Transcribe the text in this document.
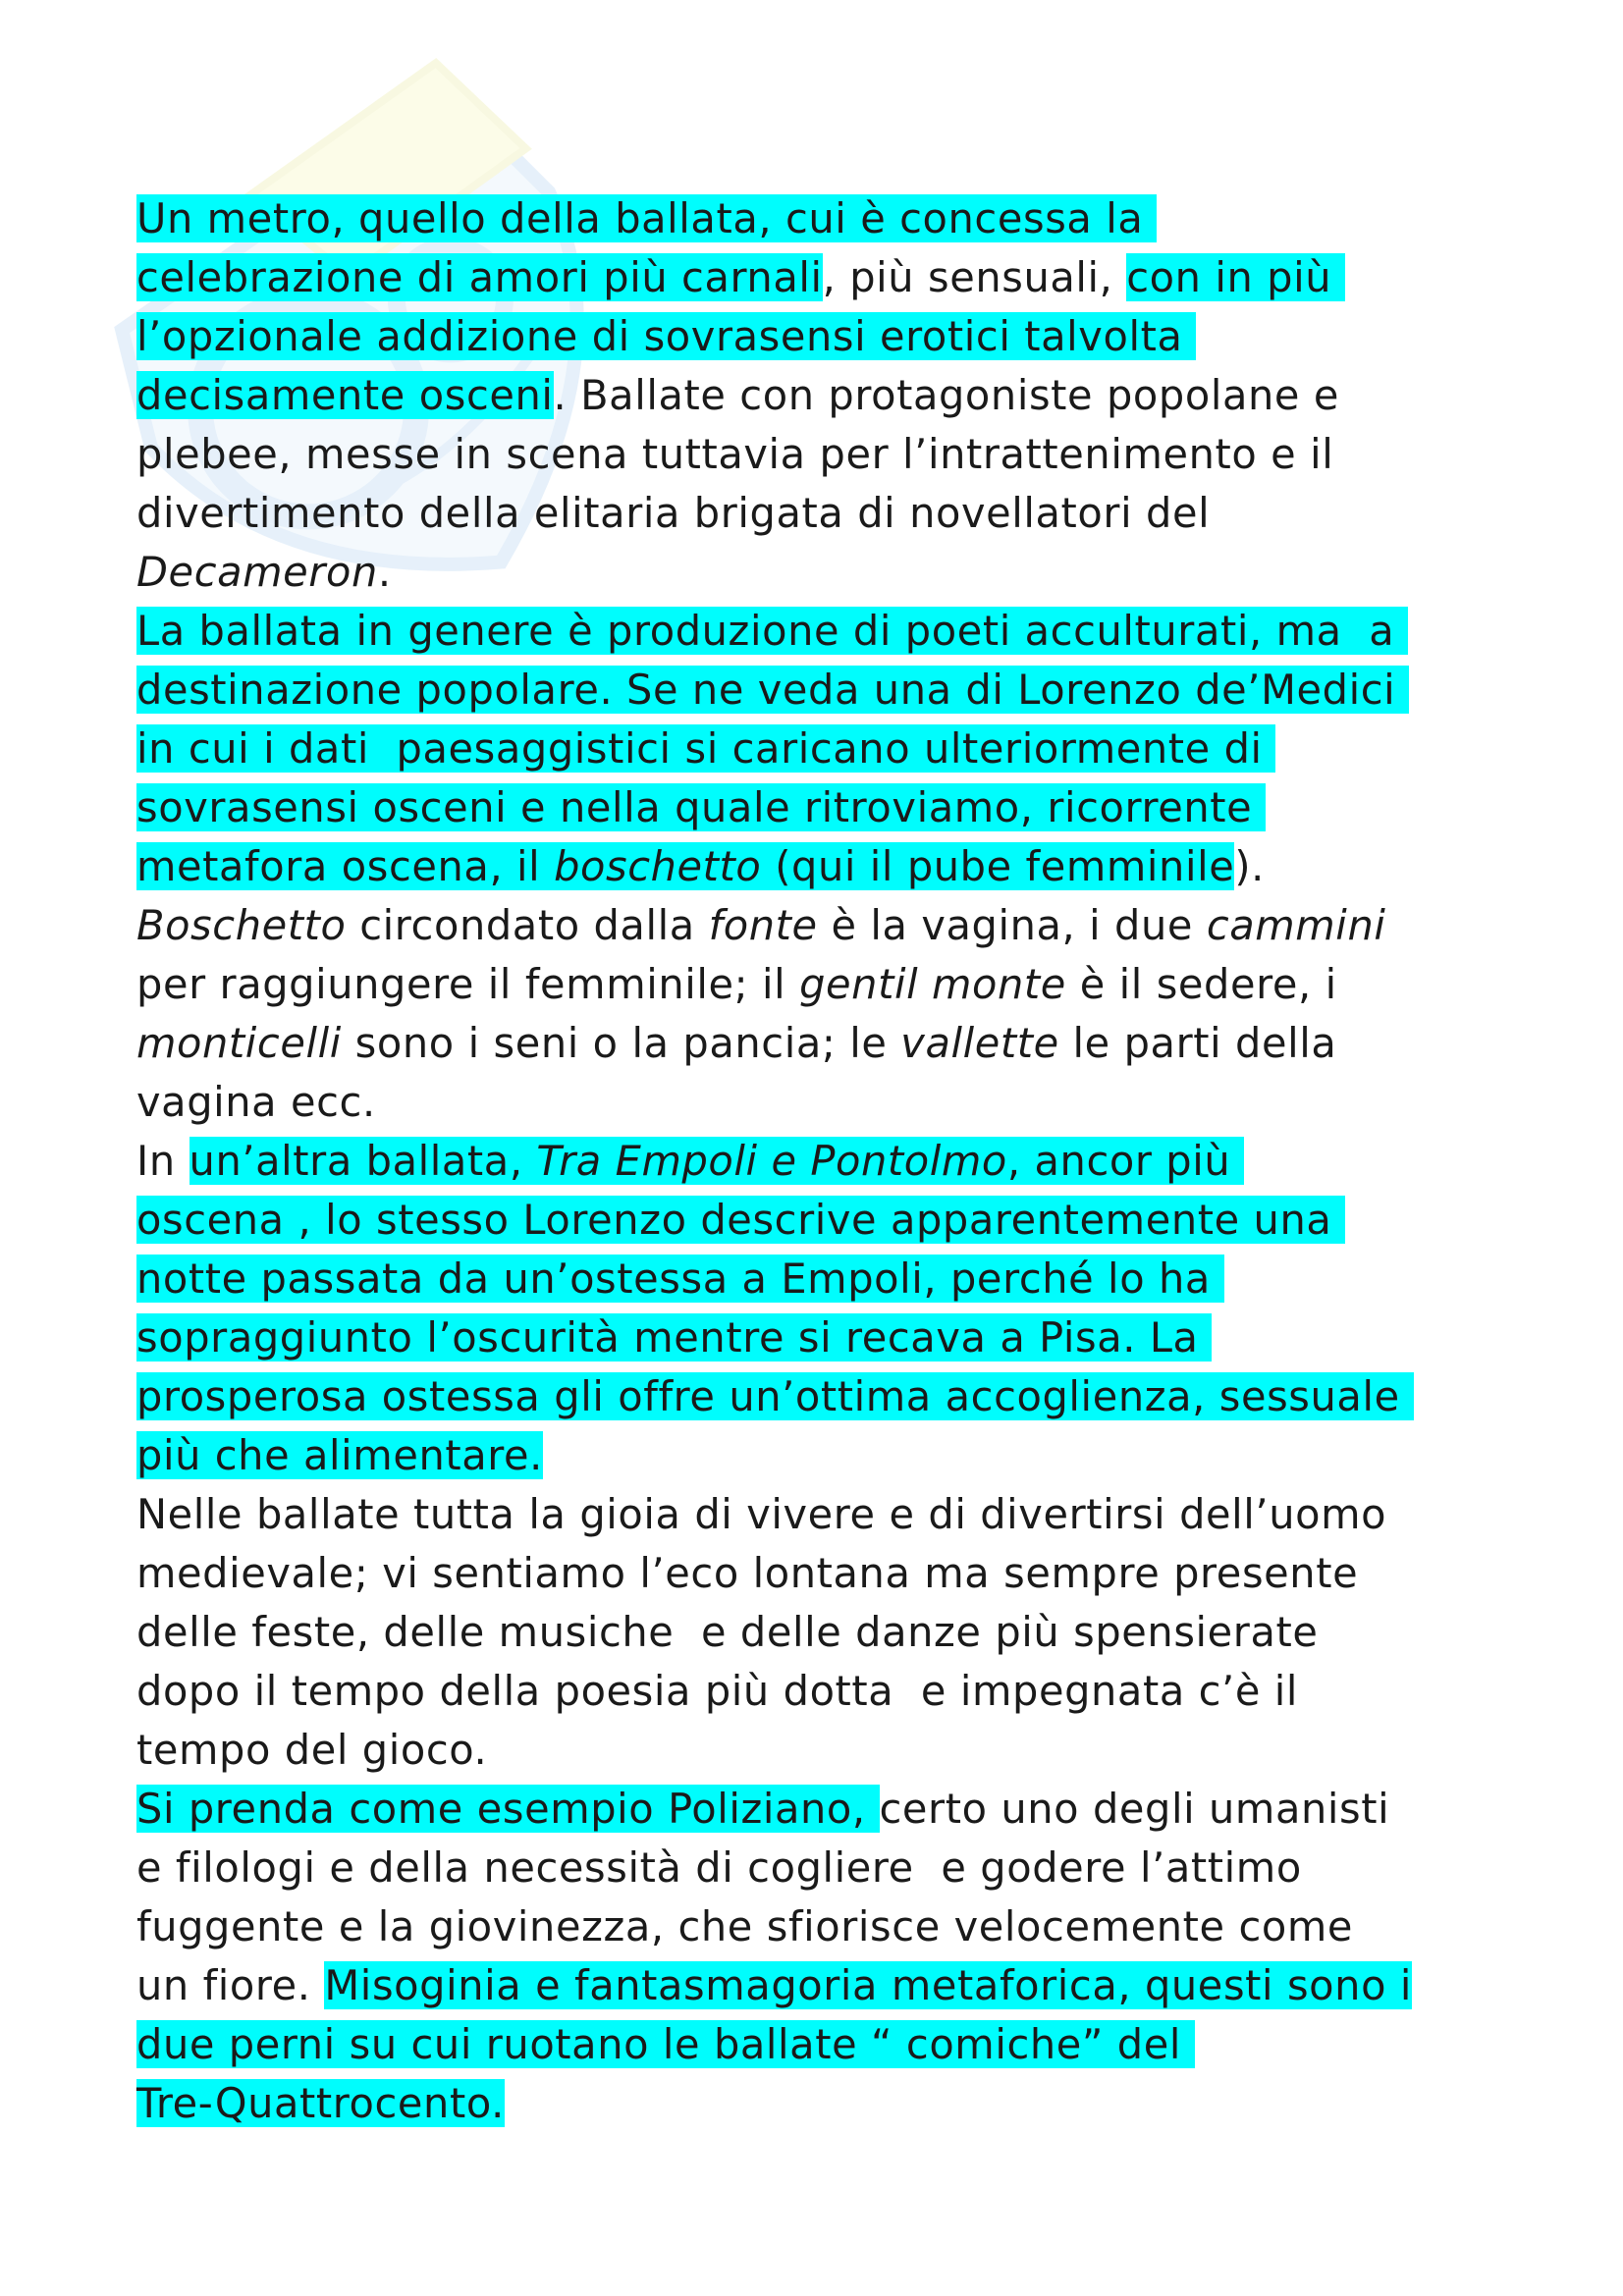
Un metro, quello della ballata, cui è concessa la
celebrazione di amori più carnali, più sensuali, con in più
l’opzionale addizione di sovrasensi erotici talvolta
decisamente osceni. Ballate con protagoniste popolane e
plebee, messe in scena tuttavia per l’intrattenimento e il
divertimento della elitaria brigata di novellatori del
Decameron.
La ballata in genere è produzione di poeti acculturati, ma  a
destinazione popolare. Se ne veda una di Lorenzo de’Medici
in cui i dati  paesaggistici si caricano ulteriormente di
sovrasensi osceni e nella quale ritroviamo, ricorrente
metafora oscena, il boschetto (qui il pube femminile).
Boschetto circondato dalla fonte è la vagina, i due cammini
per raggiungere il femminile; il gentil monte è il sedere, i
monticelli sono i seni o la pancia; le vallette le parti della
vagina ecc.
In un’altra ballata, Tra Empoli e Pontolmo, ancor più
oscena , lo stesso Lorenzo descrive apparentemente una
notte passata da un’ostessa a Empoli, perché lo ha
sopraggiunto l’oscurità mentre si recava a Pisa. La
prosperosa ostessa gli offre un’ottima accoglienza, sessuale
più che alimentare.
Nelle ballate tutta la gioia di vivere e di divertirsi dell’uomo
medievale; vi sentiamo l’eco lontana ma sempre presente
delle feste, delle musiche  e delle danze più spensierate
dopo il tempo della poesia più dotta  e impegnata c’è il
tempo del gioco.
Si prenda come esempio Poliziano, certo uno degli umanisti
e filologi e della necessità di cogliere  e godere l’attimo
fuggente e la giovinezza, che sfiorisce velocemente come
un fiore. Misoginia e fantasmagoria metaforica, questi sono i
due perni su cui ruotano le ballate “ comiche” del
Tre-Quattrocento.
